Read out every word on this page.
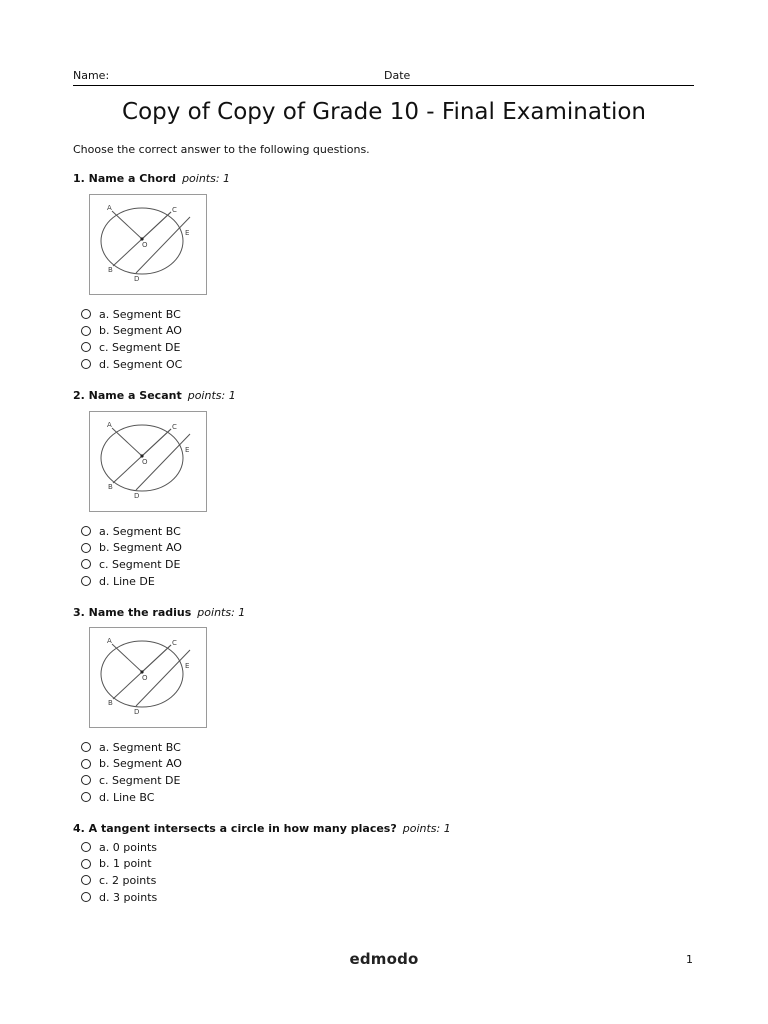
Name:	Date
Copy of Copy of Grade 10 - Final Examination
Choose the correct answer to the following questions.
1. Name a Chord points: 1
A	C
E
O
B
D
a. Segment BC
b. Segment AO
c. Segment DE
d. Segment OC
2. Name a Secant points: 1
A	C
E
O
B
D
a. Segment BC
b. Segment AO
c. Segment DE
d. Line DE
3. Name the radius points: 1
A	C
E
O
B
D
a. Segment BC
b. Segment AO
c. Segment DE
d. Line BC
4. A tangent intersects a circle in how many places? points: 1
a. 0 points
b. 1 point
c. 2 points
d. 3 points
edmodo	1
